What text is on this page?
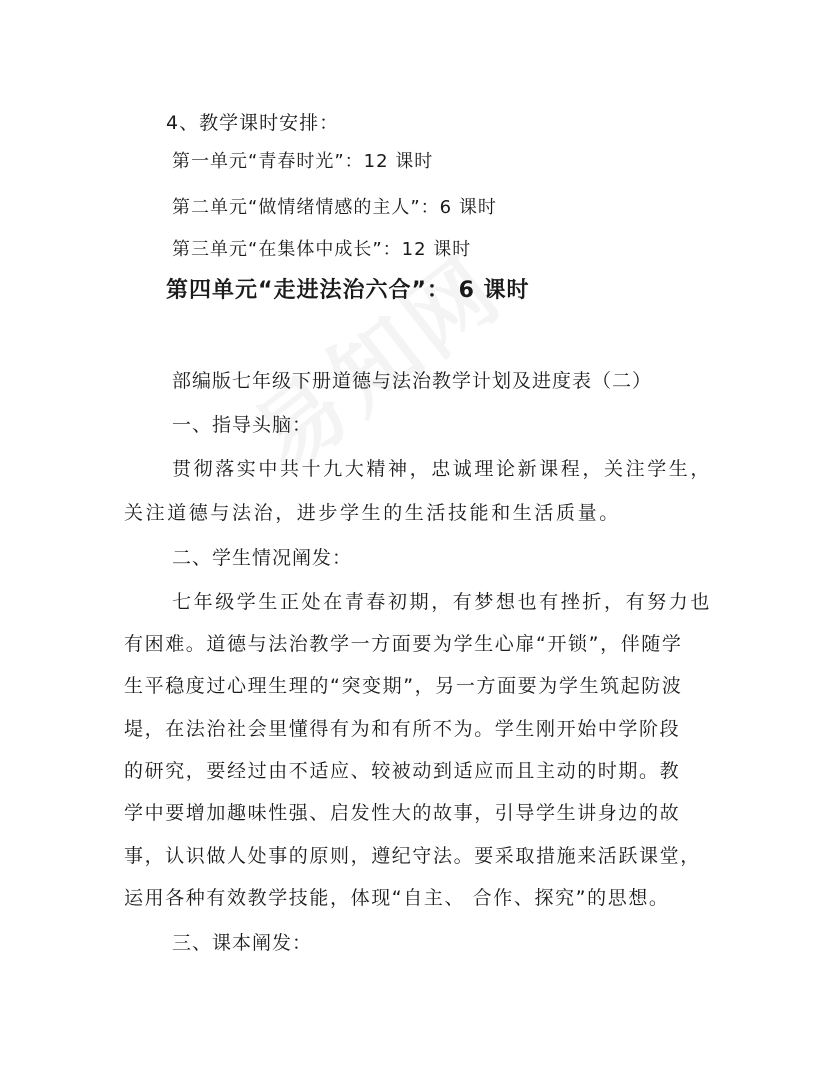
4、教学课时安排：
第一单元“青春时光”：12 课时
第二单元“做情绪情感的主人”：6 课时
第三单元“在集体中成长”：12 课时
第四单元“走进法治六合”： 6 课时
部编版七年级下册道德与法治教学计划及进度表（二）
一、指导头脑：
贯彻落实中共十九大精神，忠诚理论新课程，关注学生，
关注道德与法治，进步学生的生活技能和生活质量。
二、学生情况阐发：
七年级学生正处在青春初期，有梦想也有挫折，有努力也
有困难。道德与法治教学一方面要为学生心扉“开锁”，伴随学
生平稳度过心理生理的“突变期”，另一方面要为学生筑起防波
堤，在法治社会里懂得有为和有所不为。学生刚开始中学阶段
的研究，要经过由不适应、较被动到适应而且主动的时期。教
学中要增加趣味性强、启发性大的故事，引导学生讲身边的故
事，认识做人处事的原则，遵纪守法。要采取措施来活跃课堂，
运用各种有效教学技能，体现“自主、 合作、探究”的思想。
三、课本阐发：
